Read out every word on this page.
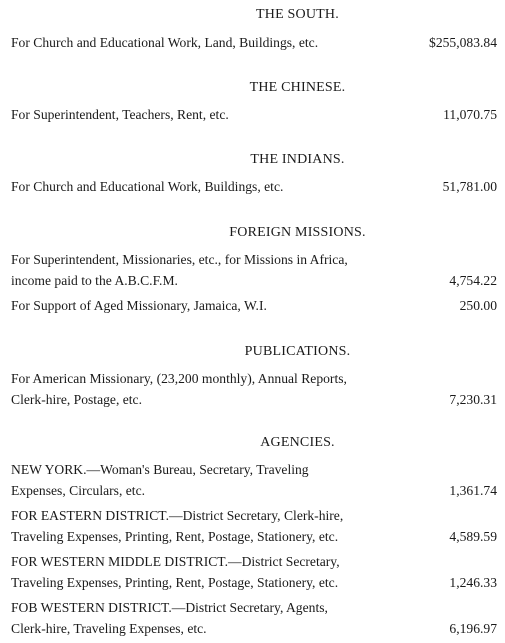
THE SOUTH.
For Church and Educational Work, Land, Buildings, etc.	$255,083.84
THE CHINESE.
For Superintendent, Teachers, Rent, etc.	11,070.75
THE INDIANS.
For Church and Educational Work, Buildings, etc.	51,781.00
FOREIGN MISSIONS.
For Superintendent, Missionaries, etc., for Missions in Africa,
income paid to the A.B.C.F.M.	4,754.22
For Support of Aged Missionary, Jamaica, W.I.	250.00
PUBLICATIONS.
For American Missionary, (23,200 monthly), Annual Reports,
Clerk-hire, Postage, etc.	7,230.31
AGENCIES.
NEW YORK.—Woman's Bureau, Secretary, Traveling
Expenses, Circulars, etc.	1,361.74
FOR EASTERN DISTRICT.—District Secretary, Clerk-hire,
Traveling Expenses, Printing, Rent, Postage, Stationery, etc.	4,589.59
FOR WESTERN MIDDLE DISTRICT.—District Secretary,
Traveling Expenses, Printing, Rent, Postage, Stationery, etc.	1,246.33
FOB WESTERN DISTRICT.—District Secretary, Agents,
Clerk-hire, Traveling Expenses, etc.	6,196.97
